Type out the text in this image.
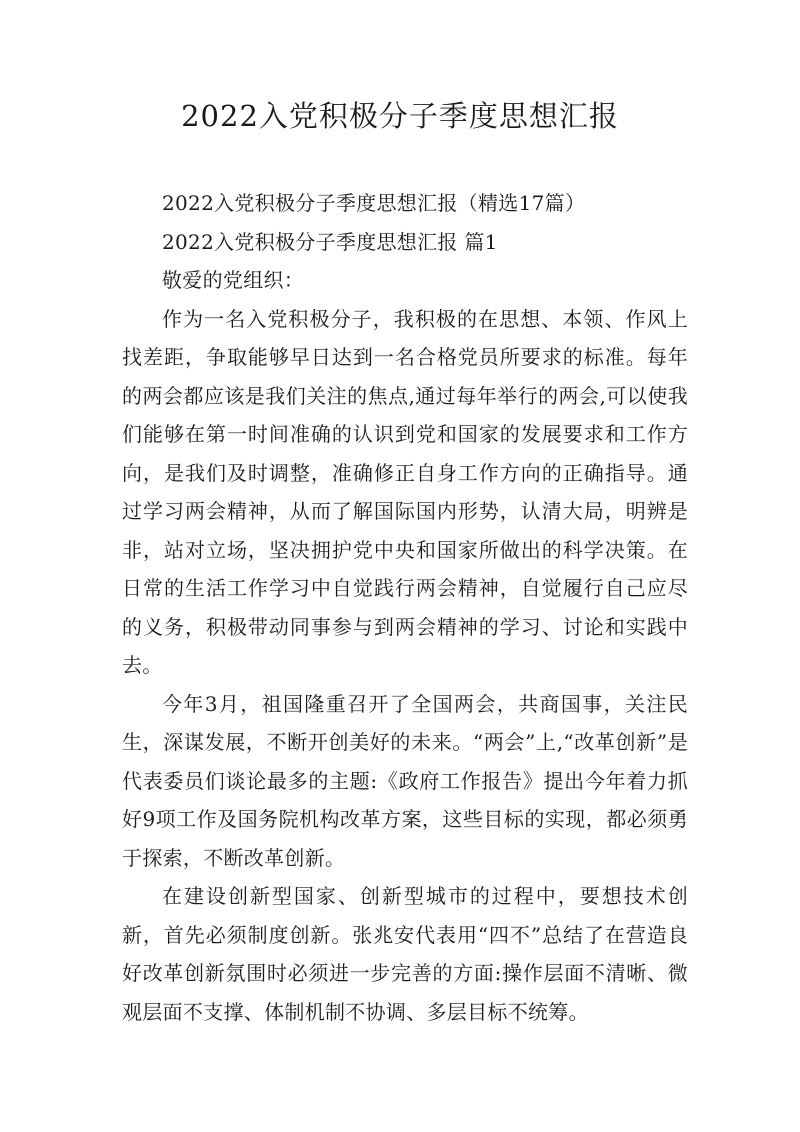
2022入党积极分子季度思想汇报

2022入党积极分子季度思想汇报（精选17篇）

2022入党积极分子季度思想汇报 篇1

敬爱的党组织：

作为一名入党积极分子，我积极的在思想、本领、作风上找差距，争取能够早日达到一名合格党员所要求的标准。每年的两会都应该是我们关注的焦点,通过每年举行的两会,可以使我们能够在第一时间准确的认识到党和国家的发展要求和工作方向，是我们及时调整，准确修正自身工作方向的正确指导。通过学习两会精神，从而了解国际国内形势，认清大局，明辨是非，站对立场，坚决拥护党中央和国家所做出的科学决策。在日常的生活工作学习中自觉践行两会精神，自觉履行自己应尽的义务，积极带动同事参与到两会精神的学习、讨论和实践中去。

今年3月，祖国隆重召开了全国两会，共商国事，关注民生，深谋发展，不断开创美好的未来。“两会”上,“改革创新”是代表委员们谈论最多的主题:《政府工作报告》提出今年着力抓好9项工作及国务院机构改革方案，这些目标的实现，都必须勇于探索，不断改革创新。

在建设创新型国家、创新型城市的过程中，要想技术创新，首先必须制度创新。张兆安代表用“四不”总结了在营造良好改革创新氛围时必须进一步完善的方面:操作层面不清晰、微观层面不支撑、体制机制不协调、多层目标不统筹。
